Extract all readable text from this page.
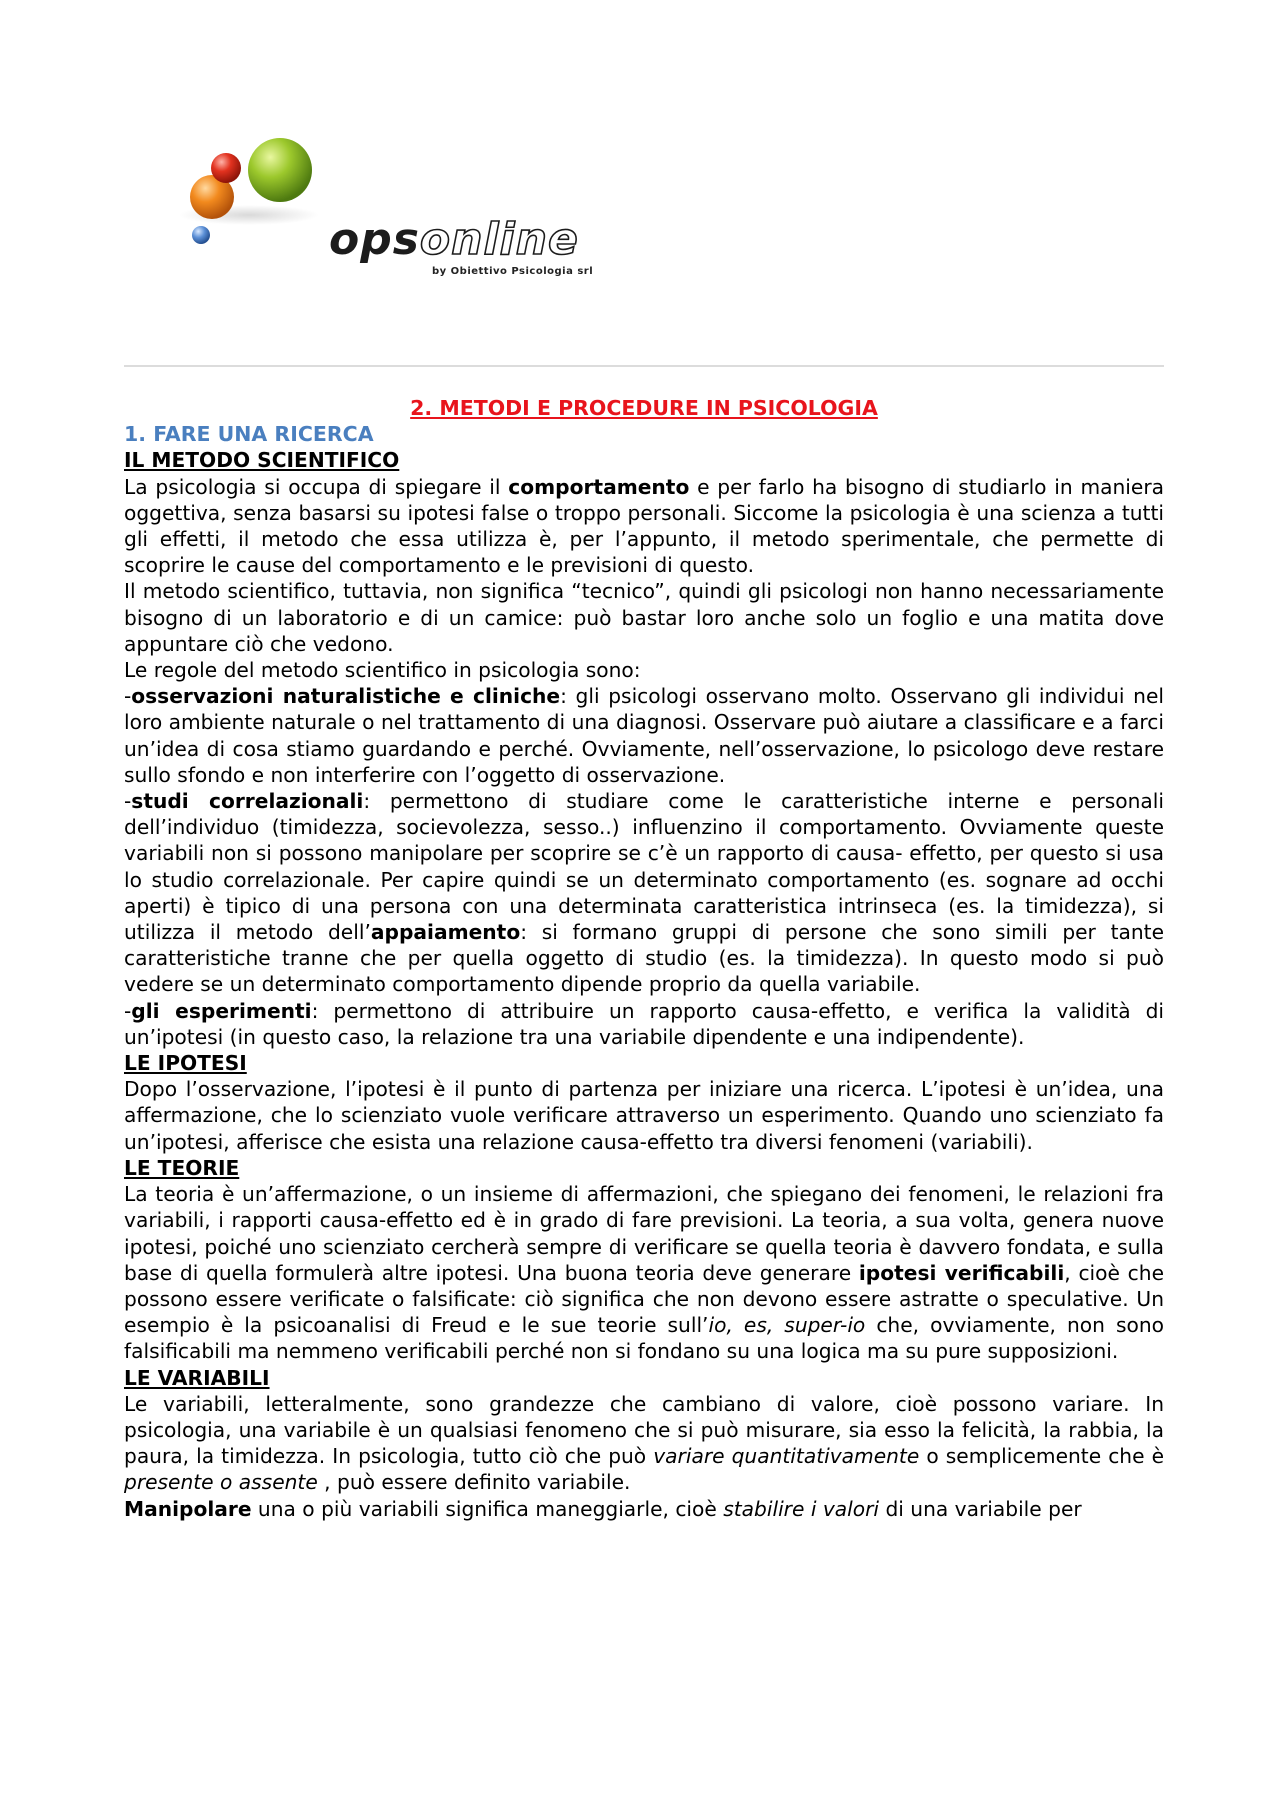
opsonline
by Obiettivo Psicologia srl

2. METODI E PROCEDURE IN PSICOLOGIA

1. FARE UNA RICERCA

IL METODO SCIENTIFICO

La psicologia si occupa di spiegare il comportamento e per farlo ha bisogno di studiarlo in maniera oggettiva, senza basarsi su ipotesi false o troppo personali. Siccome la psicologia è una scienza a tutti gli effetti, il metodo che essa utilizza è, per l’appunto, il metodo sperimentale, che permette di scoprire le cause del comportamento e le previsioni di questo.

Il metodo scientifico, tuttavia, non significa “tecnico”, quindi gli psicologi non hanno necessariamente bisogno di un laboratorio e di un camice: può bastar loro anche solo un foglio e una matita dove appuntare ciò che vedono.

Le regole del metodo scientifico in psicologia sono:

-osservazioni naturalistiche e cliniche: gli psicologi osservano molto. Osservano gli individui nel loro ambiente naturale o nel trattamento di una diagnosi. Osservare può aiutare a classificare e a farci un’idea di cosa stiamo guardando e perché. Ovviamente, nell’osservazione, lo psicologo deve restare sullo sfondo e non interferire con l’oggetto di osservazione.

-studi correlazionali: permettono di studiare come le caratteristiche interne e personali dell’individuo (timidezza, socievolezza, sesso..) influenzino il comportamento. Ovviamente queste variabili non si possono manipolare per scoprire se c’è un rapporto di causa- effetto, per questo si usa lo studio correlazionale. Per capire quindi se un determinato comportamento (es. sognare ad occhi aperti) è tipico di una persona con una determinata caratteristica intrinseca (es. la timidezza), si utilizza il metodo dell’appaiamento: si formano gruppi di persone che sono simili per tante caratteristiche tranne che per quella oggetto di studio (es. la timidezza). In questo modo si può vedere se un determinato comportamento dipende proprio da quella variabile.

-gli esperimenti: permettono di attribuire un rapporto causa-effetto, e verifica la validità di un’ipotesi (in questo caso, la relazione tra una variabile dipendente e una indipendente).

LE IPOTESI

Dopo l’osservazione, l’ipotesi è il punto di partenza per iniziare una ricerca. L’ipotesi è un’idea, una affermazione, che lo scienziato vuole verificare attraverso un esperimento. Quando uno scienziato fa un’ipotesi, afferisce che esista una relazione causa-effetto tra diversi fenomeni (variabili).

LE TEORIE

La teoria è un’affermazione, o un insieme di affermazioni, che spiegano dei fenomeni, le relazioni fra variabili, i rapporti causa-effetto ed è in grado di fare previsioni. La teoria, a sua volta, genera nuove ipotesi, poiché uno scienziato cercherà sempre di verificare se quella teoria è davvero fondata, e sulla base di quella formulerà altre ipotesi. Una buona teoria deve generare ipotesi verificabili, cioè che possono essere verificate o falsificate: ciò significa che non devono essere astratte o speculative. Un esempio è la psicoanalisi di Freud e le sue teorie sull’io, es, super-io che, ovviamente, non sono falsificabili ma nemmeno verificabili perché non si fondano su una logica ma su pure supposizioni.

LE VARIABILI

Le variabili, letteralmente, sono grandezze che cambiano di valore, cioè possono variare. In psicologia, una variabile è un qualsiasi fenomeno che si può misurare, sia esso la felicità, la rabbia, la paura, la timidezza. In psicologia, tutto ciò che può variare quantitativamente o semplicemente che è presente o assente , può essere definito variabile.

Manipolare una o più variabili significa maneggiarle, cioè stabilire i valori di una variabile per
